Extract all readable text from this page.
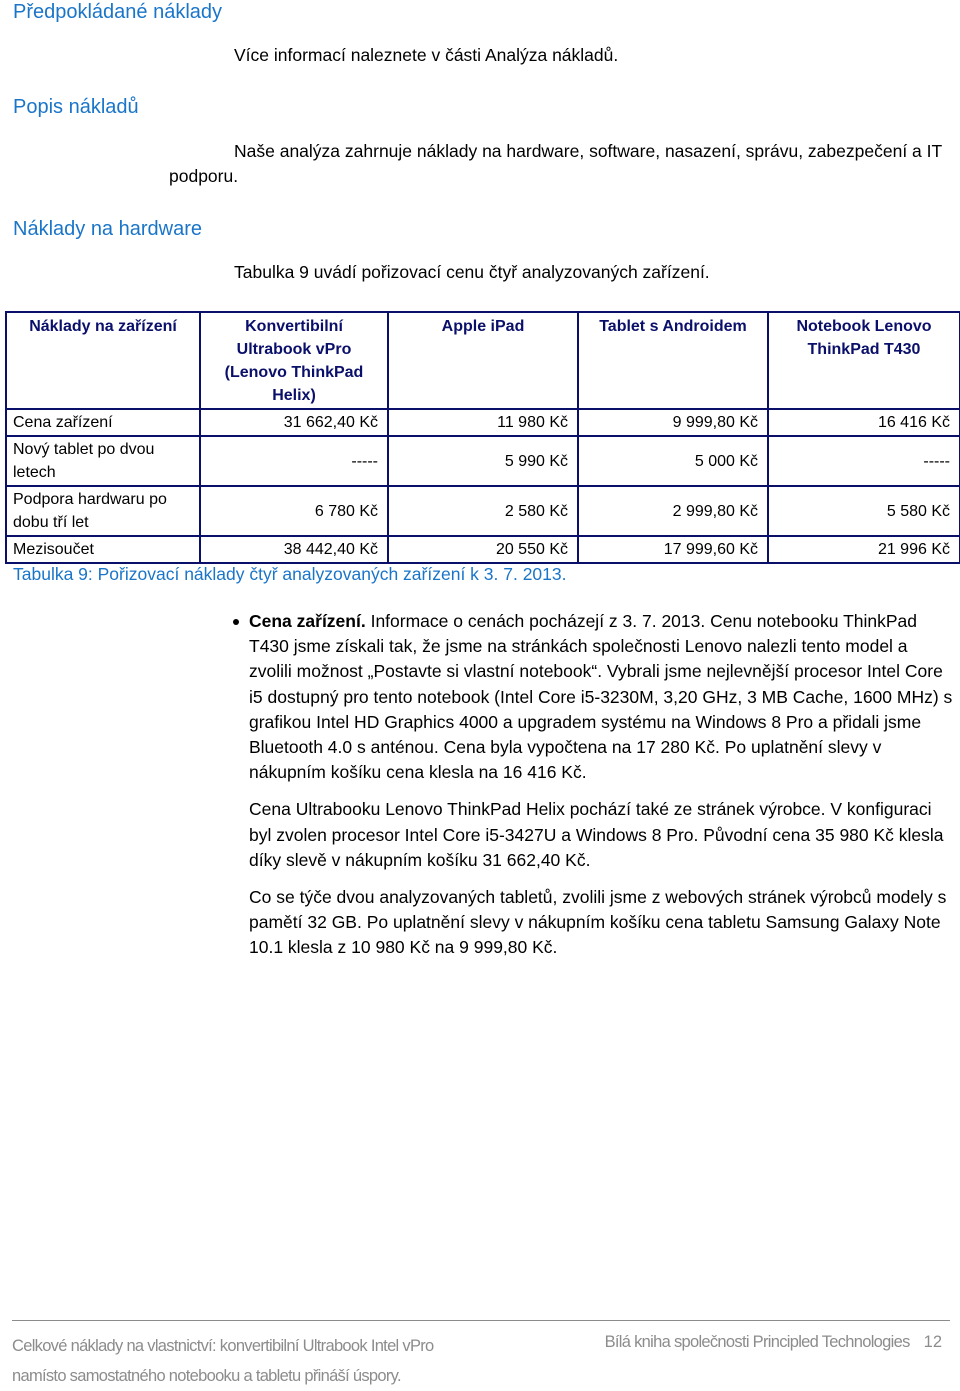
Předpokládané náklady

Více informací naleznete v části Analýza nákladů.

Popis nákladů

Naše analýza zahrnuje náklady na hardware, software, nasazení, správu, zabezpečení a IT podporu.

Náklady na hardware

Tabulka 9 uvádí pořizovací cenu čtyř analyzovaných zařízení.

Náklady na zařízení	Konvertibilní Ultrabook vPro (Lenovo ThinkPad Helix)	Apple iPad	Tablet s Androidem	Notebook Lenovo ThinkPad T430
Cena zařízení	31 662,40 Kč	11 980 Kč	9 999,80 Kč	16 416 Kč
Nový tablet po dvou letech	-----	5 990 Kč	5 000 Kč	-----
Podpora hardwaru po dobu tří let	6 780 Kč	2 580 Kč	2 999,80 Kč	5 580 Kč
Mezisoučet	38 442,40 Kč	20 550 Kč	17 999,60 Kč	21 996 Kč

Tabulka 9: Pořizovací náklady čtyř analyzovaných zařízení k 3. 7. 2013.

Cena zařízení. Informace o cenách pocházejí z 3. 7. 2013. Cenu notebooku ThinkPad T430 jsme získali tak, že jsme na stránkách společnosti Lenovo nalezli tento model a zvolili možnost „Postavte si vlastní notebook“. Vybrali jsme nejlevnější procesor Intel Core i5 dostupný pro tento notebook (Intel Core i5-3230M, 3,20 GHz, 3 MB Cache, 1600 MHz) s grafikou Intel HD Graphics 4000 a upgradem systému na Windows 8 Pro a přidali jsme Bluetooth 4.0 s anténou. Cena byla vypočtena na 17 280 Kč. Po uplatnění slevy v nákupním košíku cena klesla na 16 416 Kč.

Cena Ultrabooku Lenovo ThinkPad Helix pochází také ze stránek výrobce. V konfiguraci byl zvolen procesor Intel Core i5-3427U a Windows 8 Pro. Původní cena 35 980 Kč klesla díky slevě v nákupním košíku 31 662,40 Kč.

Co se týče dvou analyzovaných tabletů, zvolili jsme z webových stránek výrobců modely s pamětí 32 GB. Po uplatnění slevy v nákupním košíku cena tabletu Samsung Galaxy Note 10.1 klesla z 10 980 Kč na 9 999,80 Kč.

Celkové náklady na vlastnictví: konvertibilní Ultrabook Intel vPro
namísto samostatného notebooku a tabletu přináší úspory.
Bílá kniha společnosti Principled Technologies 12
